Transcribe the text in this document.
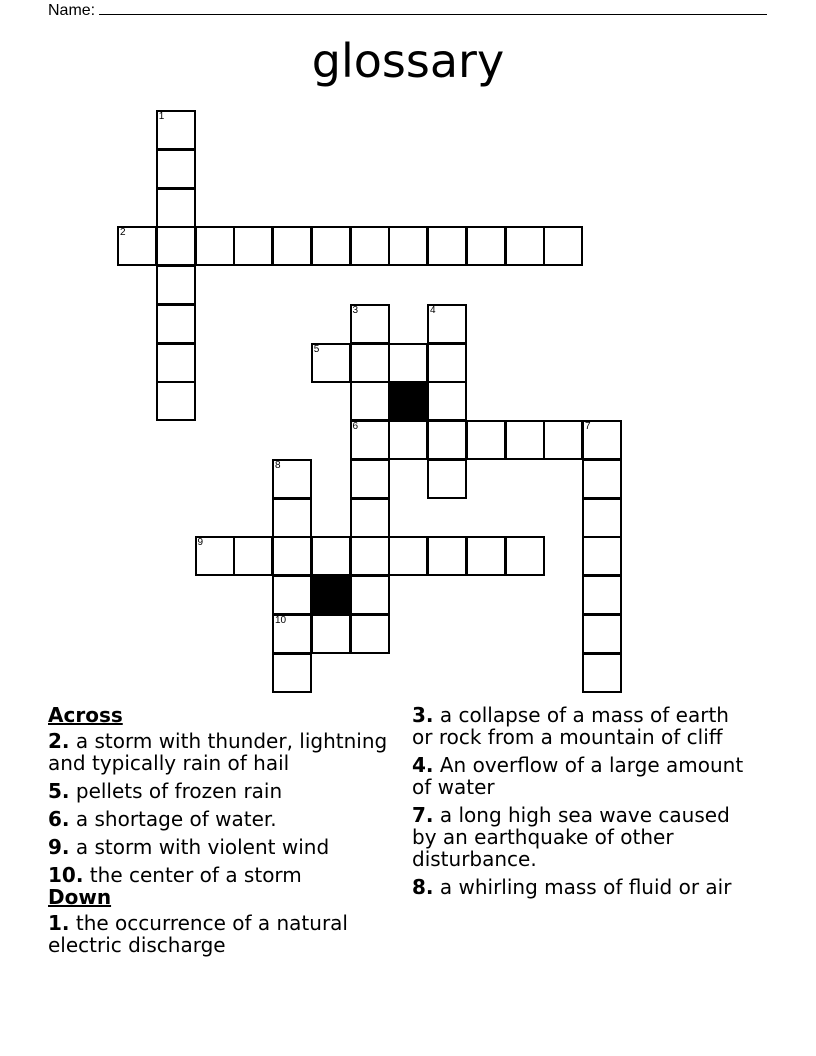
Name:
glossary
1
2
3	4
5
6	7
8
9
10
Across
2. a storm with thunder, lightning and typically rain of hail
5. pellets of frozen rain
6. a shortage of water.
9. a storm with violent wind
10. the center of a storm
Down
1. the occurrence of a natural electric discharge
3. a collapse of a mass of earth or rock from a mountain of cliff
4. An overflow of a large amount of water
7. a long high sea wave caused by an earthquake of other disturbance.
8. a whirling mass of fluid or air
